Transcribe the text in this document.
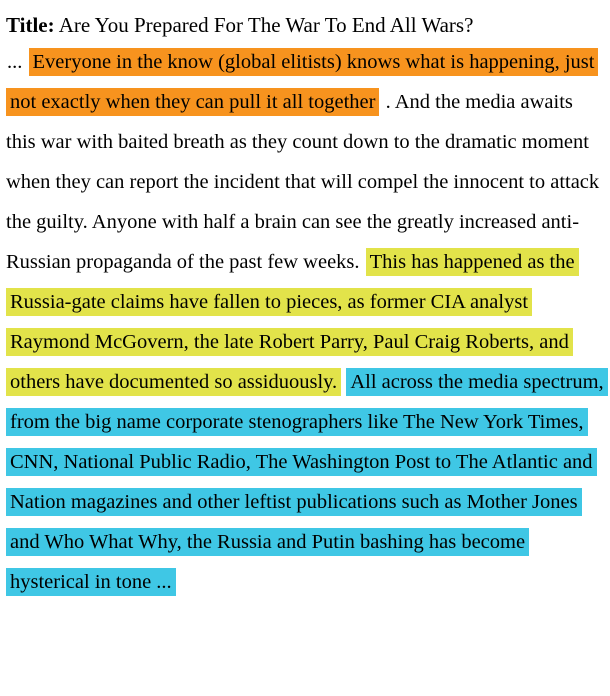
Title: Are You Prepared For The War To End All Wars?
... Everyone in the know (global elitists) knows what is happening, just not exactly when they can pull it all together . And the media awaits this war with baited breath as they count down to the dramatic moment when they can report the incident that will compel the innocent to attack the guilty. Anyone with half a brain can see the greatly increased anti-Russian propaganda of the past few weeks. This has happened as the Russia-gate claims have fallen to pieces, as former CIA analyst Raymond McGovern, the late Robert Parry, Paul Craig Roberts, and others have documented so assiduously. All across the media spectrum, from the big name corporate stenographers like The New York Times, CNN, National Public Radio, The Washington Post to The Atlantic and Nation magazines and other leftist publications such as Mother Jones and Who What Why, the Russia and Putin bashing has become hysterical in tone ...
